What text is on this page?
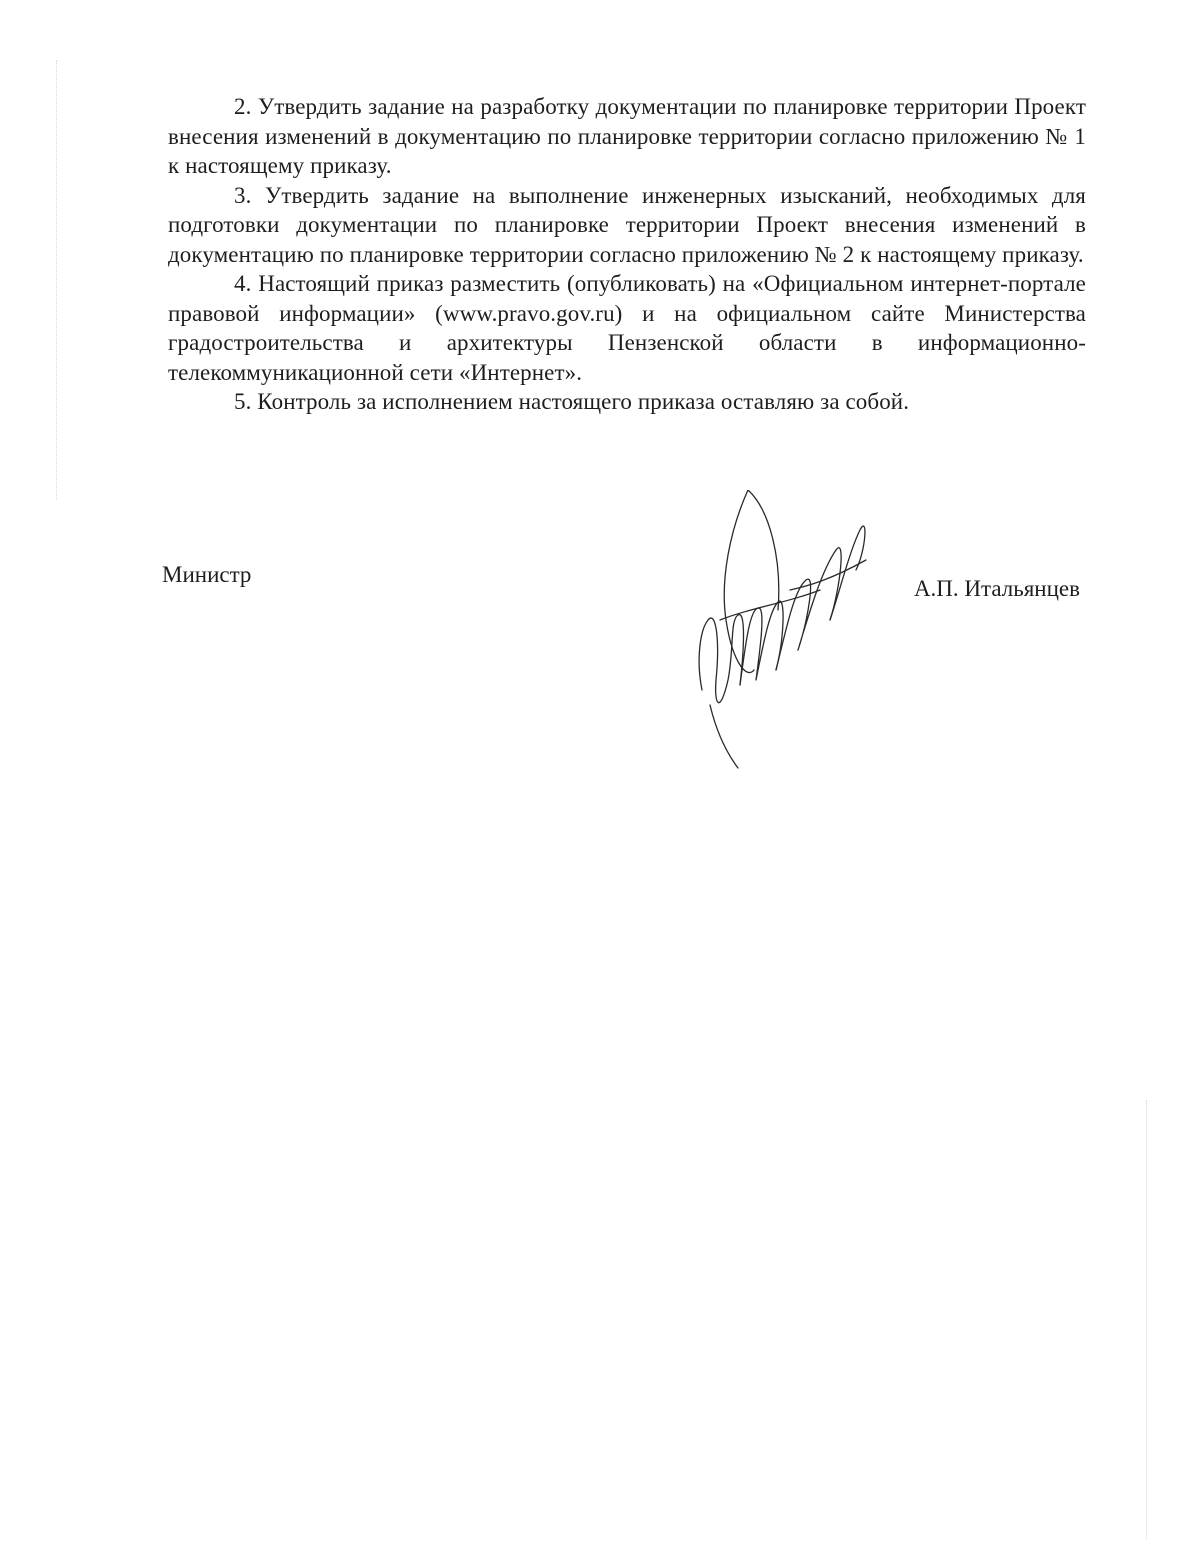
2. Утвердить задание на разработку документации по планировке территории Проект внесения изменений в документацию по планировке территории согласно приложению № 1 к настоящему приказу.

3. Утвердить задание на выполнение инженерных изысканий, необходимых для подготовки документации по планировке территории Проект внесения изменений в документацию по планировке территории согласно приложению № 2 к настоящему приказу.

4. Настоящий приказ разместить (опубликовать) на «Официальном интернет-портале правовой информации» (www.pravo.gov.ru) и на официальном сайте Министерства градостроительства и архитектуры Пензенской области в информационно-телекоммуникационной сети «Интернет».

5. Контроль за исполнением настоящего приказа оставляю за собой.

Министр
А.П. Итальянцев
